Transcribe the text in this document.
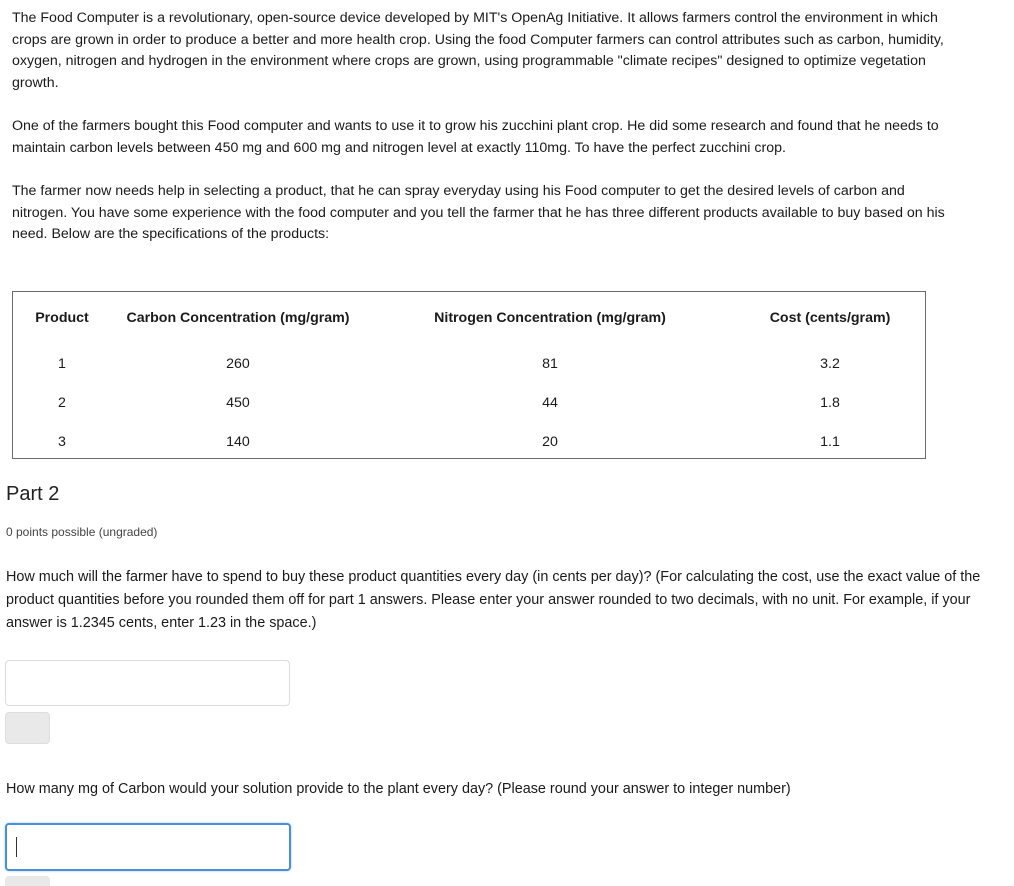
The Food Computer is a revolutionary, open-source device developed by MIT's OpenAg Initiative. It allows farmers control the environment in which crops are grown in order to produce a better and more health crop. Using the food Computer farmers can control attributes such as carbon, humidity, oxygen, nitrogen and hydrogen in the environment where crops are grown, using programmable "climate recipes" designed to optimize vegetation growth.

One of the farmers bought this Food computer and wants to use it to grow his zucchini plant crop. He did some research and found that he needs to maintain carbon levels between 450 mg and 600 mg and nitrogen level at exactly 110mg. To have the perfect zucchini crop.

The farmer now needs help in selecting a product, that he can spray everyday using his Food computer to get the desired levels of carbon and nitrogen. You have some experience with the food computer and you tell the farmer that he has three different products available to buy based on his need. Below are the specifications of the products:

Product	Carbon Concentration (mg/gram)	Nitrogen Concentration (mg/gram)	Cost (cents/gram)
1	260	81	3.2
2	450	44	1.8
3	140	20	1.1
Part 2
0 points possible (ungraded)

How much will the farmer have to spend to buy these product quantities every day (in cents per day)? (For calculating the cost, use the exact value of the product quantities before you rounded them off for part 1 answers. Please enter your answer rounded to two decimals, with no unit. For example, if your answer is 1.2345 cents, enter 1.23 in the space.)

How many mg of Carbon would your solution provide to the plant every day? (Please round your answer to integer number)
